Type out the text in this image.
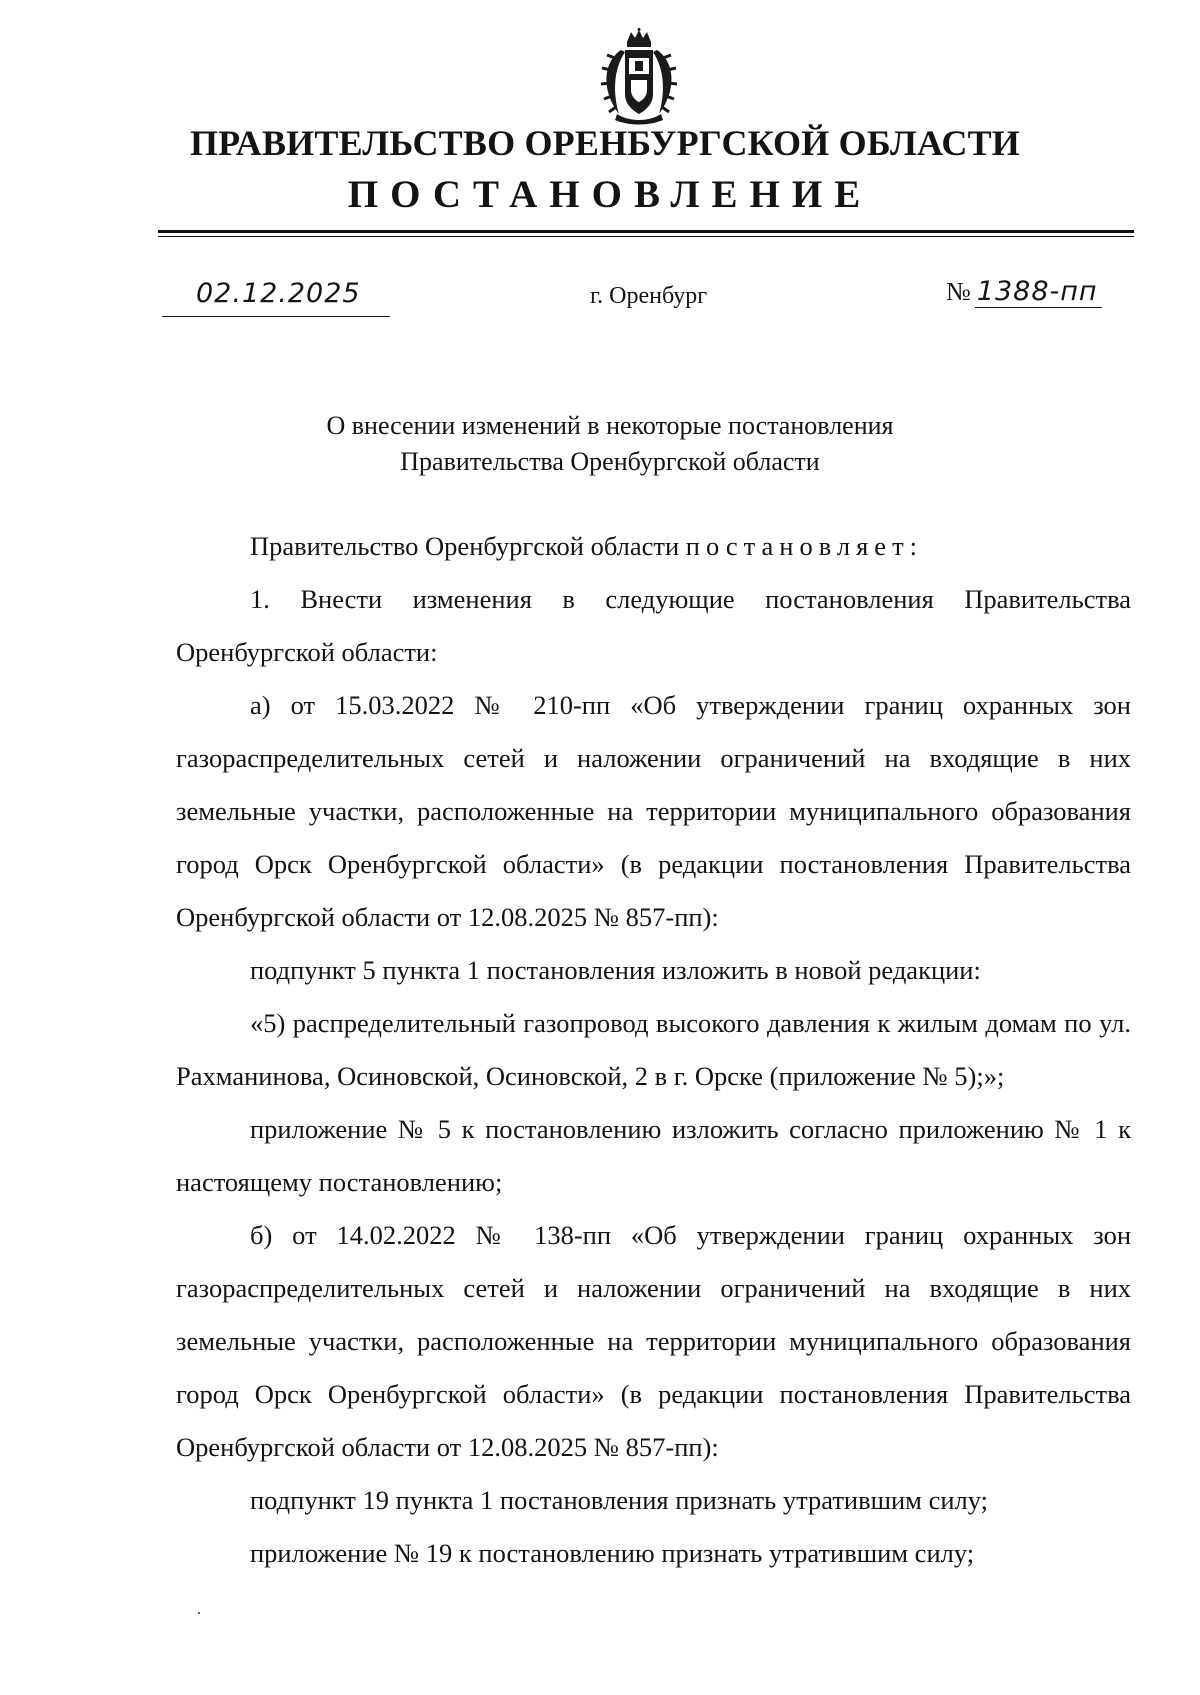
ПРАВИТЕЛЬСТВО ОРЕНБУРГСКОЙ ОБЛАСТИ
ПОСТАНОВЛЕНИЕ
02.12.2025	г. Оренбург	№ 1388-пп
О внесении изменений в некоторые постановления
Правительства Оренбургской области

Правительство Оренбургской области постановляет:

1. Внести изменения в следующие постановления Правительства Оренбургской области:

а) от 15.03.2022 № 210-пп «Об утверждении границ охранных зон газораспределительных сетей и наложении ограничений на входящие в них земельные участки, расположенные на территории муниципального образования город Орск Оренбургской области» (в редакции постановления Правительства Оренбургской области от 12.08.2025 № 857-пп):

подпункт 5 пункта 1 постановления изложить в новой редакции:

«5) распределительный газопровод высокого давления к жилым домам по ул. Рахманинова, Осиновской, Осиновской, 2 в г. Орске (приложение № 5);»;

приложение № 5 к постановлению изложить согласно приложению № 1 к настоящему постановлению;

б) от 14.02.2022 № 138-пп «Об утверждении границ охранных зон газораспределительных сетей и наложении ограничений на входящие в них земельные участки, расположенные на территории муниципального образования город Орск Оренбургской области» (в редакции постановления Правительства Оренбургской области от 12.08.2025 № 857-пп):

подпункт 19 пункта 1 постановления признать утратившим силу;

приложение № 19 к постановлению признать утратившим силу;
